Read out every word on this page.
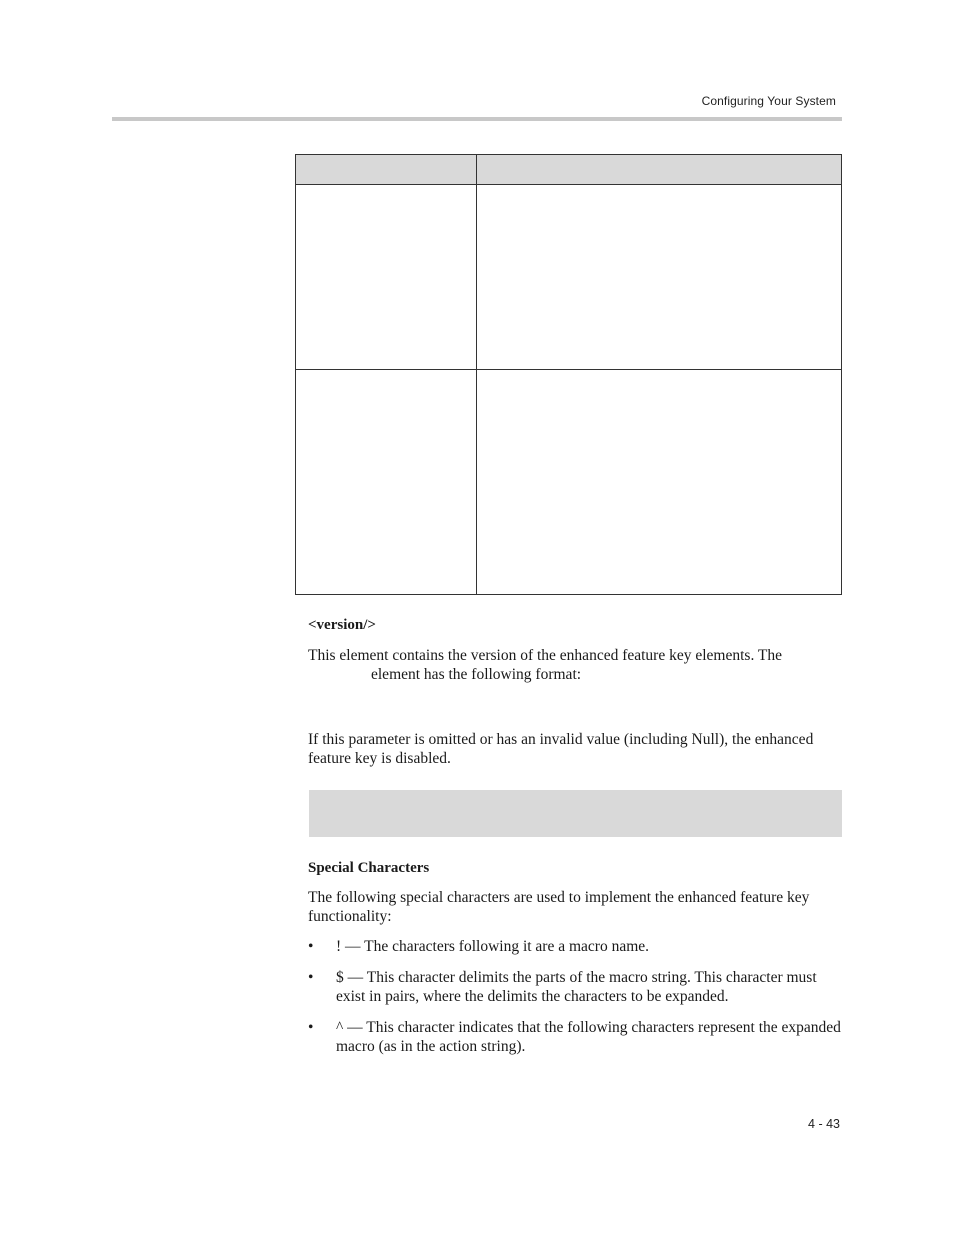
Configuring Your System
<version/>
This element contains the version of the enhanced feature key elements. The
element has the following format:
If this parameter is omitted or has an invalid value (including Null), the enhanced feature key is disabled.
Special Characters
The following special characters are used to implement the enhanced feature key functionality:
• ! — The characters following it are a macro name.
• $ — This character delimits the parts of the macro string. This character must exist in pairs, where the delimits the characters to be expanded.
• ^ — This character indicates that the following characters represent the expanded macro (as in the action string).
4 - 43
